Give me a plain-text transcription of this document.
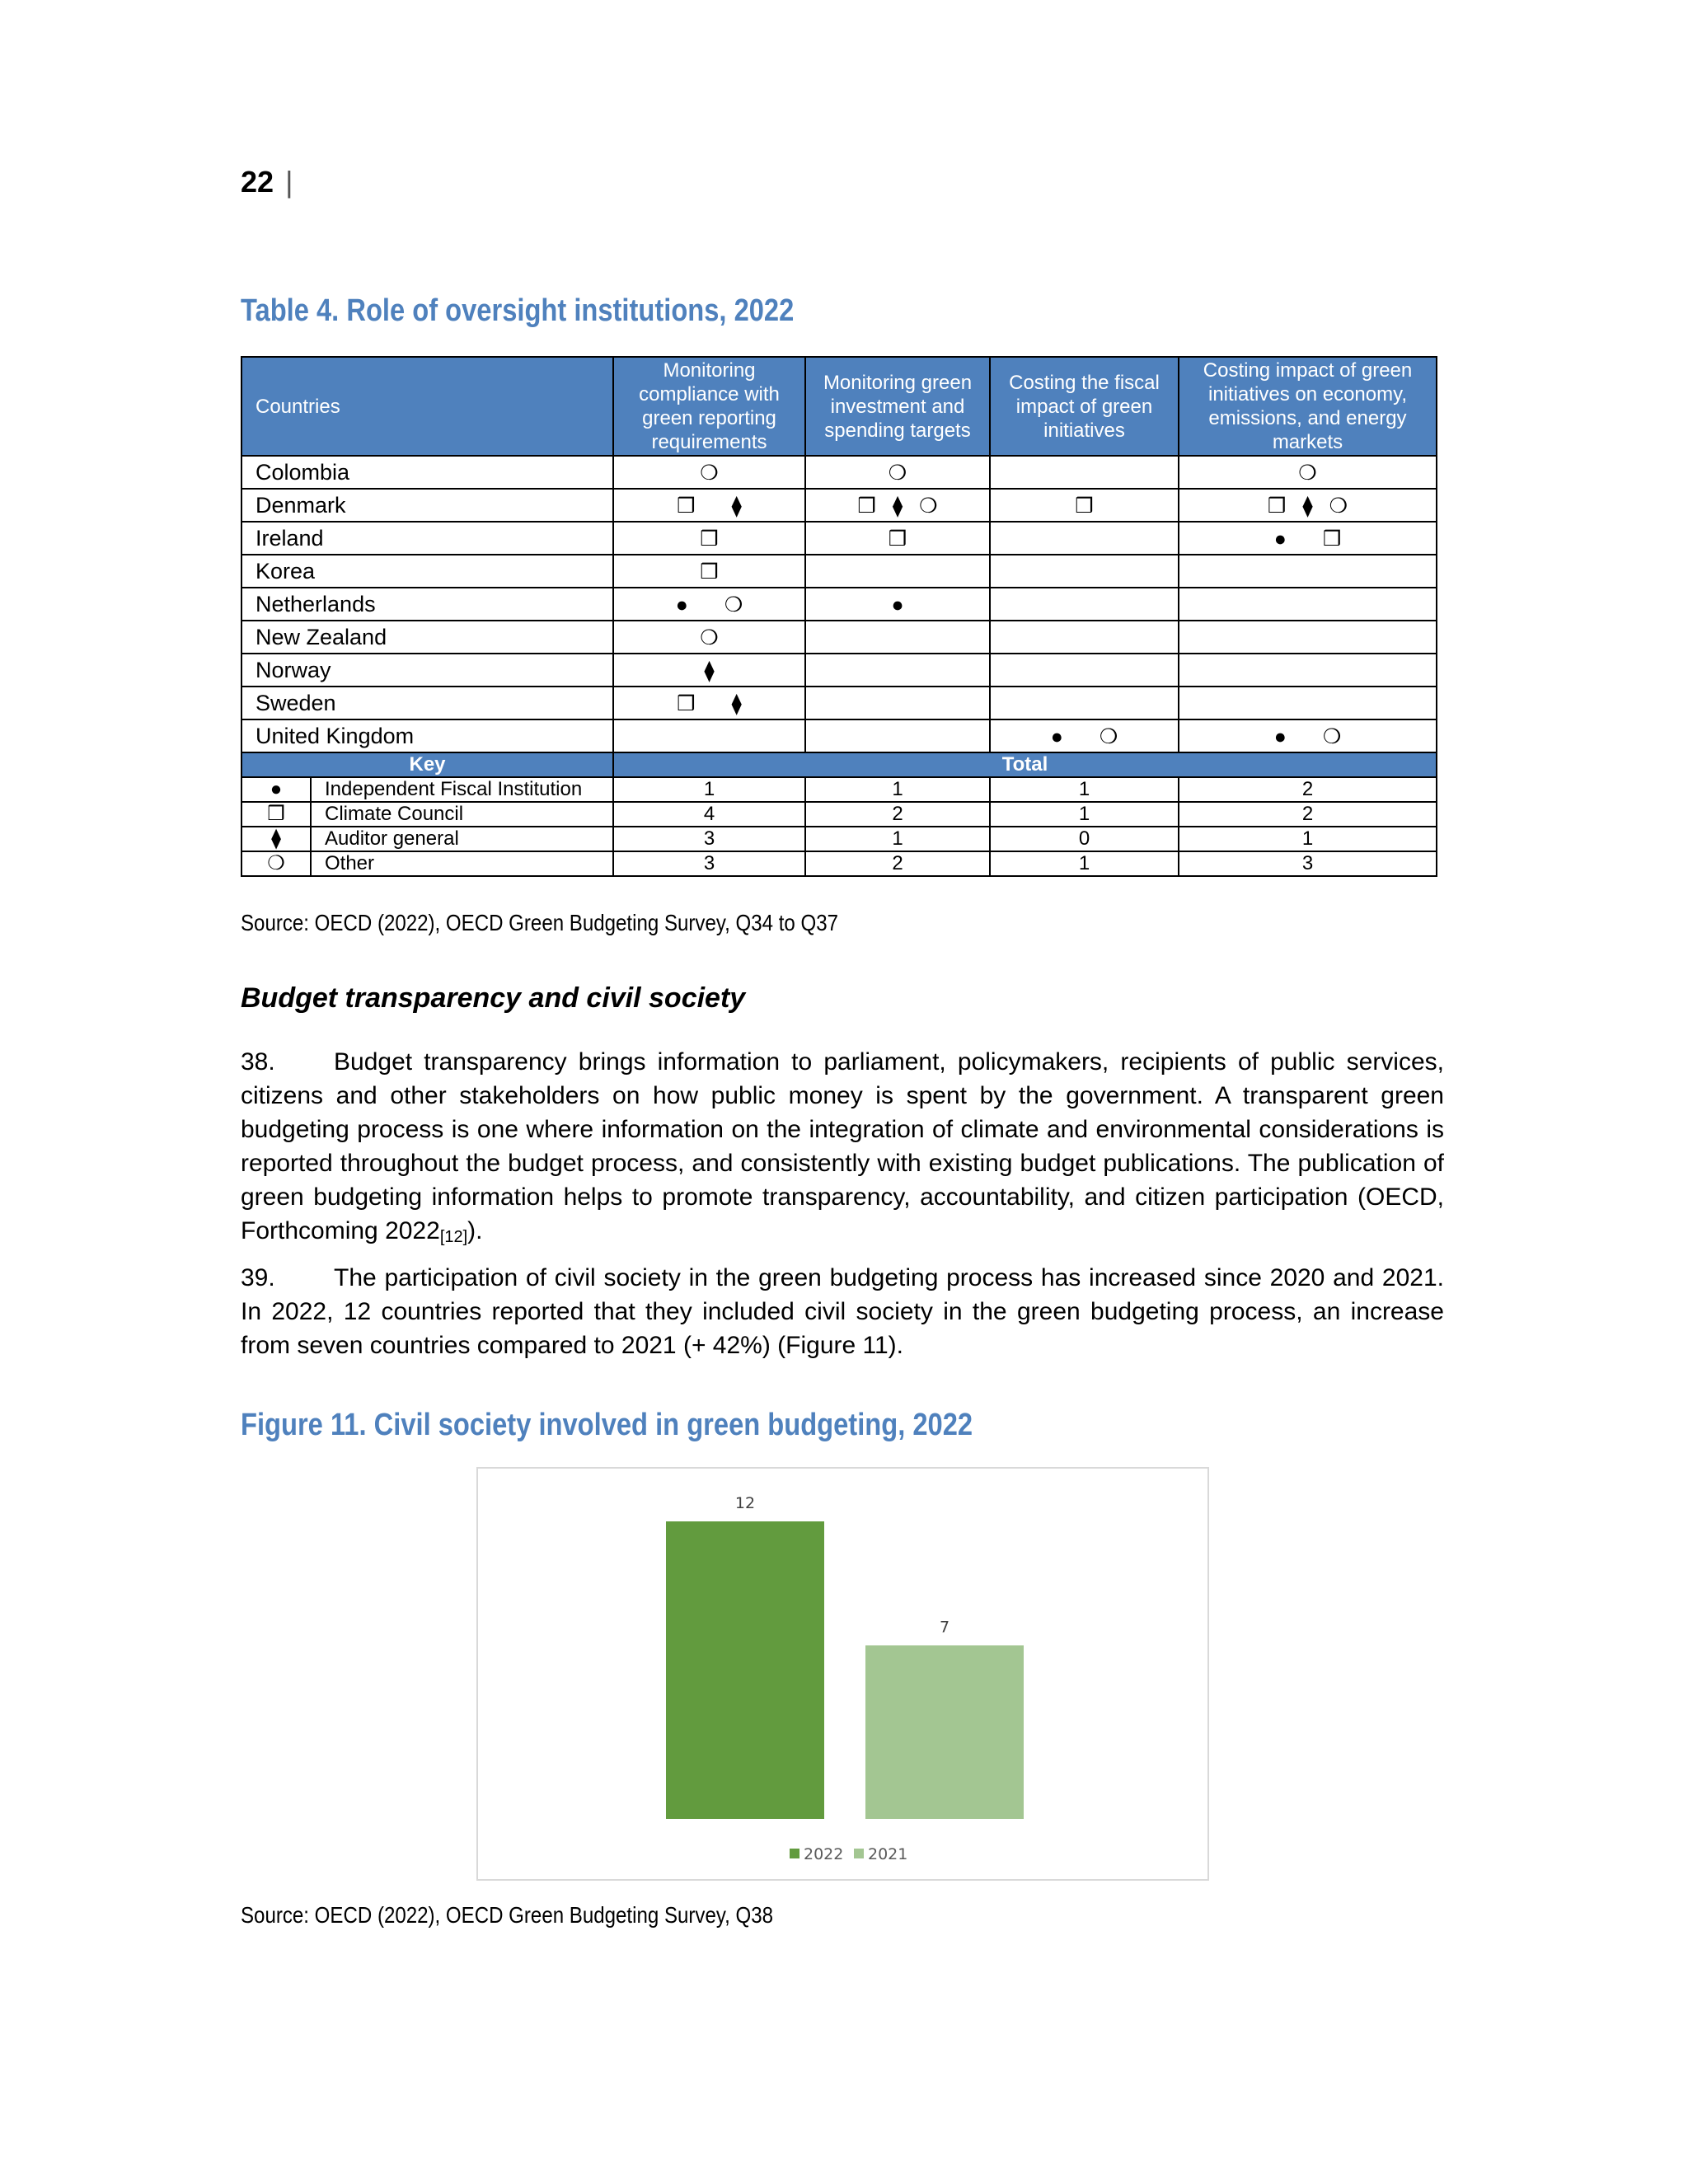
22 |
Table 4. Role of oversight institutions, 2022
Countries		Monitoring compliance with green reporting requirements	Monitoring green investment and spending targets	Costing the fiscal impact of green initiatives	Costing impact of green initiatives on economy, emissions, and energy markets
Colombia		❍	❍		❍
Denmark		❒ ⧫	❒ ⧫ ❍	❒	❒ ⧫ ❍
Ireland		❒	❒		● ❒
Korea		❒			
Netherlands		● ❍	●		
New Zealand		❍			
Norway		⧫			
Sweden		❒ ⧫			
United Kingdom				● ❍	● ❍
Key		Total			
●	Independent Fiscal Institution	1	1	1	2
❒	Climate Council	4	2	1	2
⧫	Auditor general	3	1	0	1
❍	Other	3	2	1	3
Source: OECD (2022), OECD Green Budgeting Survey, Q34 to Q37
Budget transparency and civil society

38. Budget transparency brings information to parliament, policymakers, recipients of public services, citizens and other stakeholders on how public money is spent by the government. A transparent green budgeting process is one where information on the integration of climate and environmental considerations is reported throughout the budget process, and consistently with existing budget publications. The publication of green budgeting information helps to promote transparency, accountability, and citizen participation (OECD, Forthcoming $2022_{[12]}$).

39. The participation of civil society in the green budgeting process has increased since 2020 and 2021. In 2022, 12 countries reported that they included civil society in the green budgeting process, an increase from seven countries compared to 2021 (+ 42%) (Figure 11).

Figure 11. Civil society involved in green budgeting, 2022
12
7
2022 2021
Source: OECD (2022), OECD Green Budgeting Survey, Q38
